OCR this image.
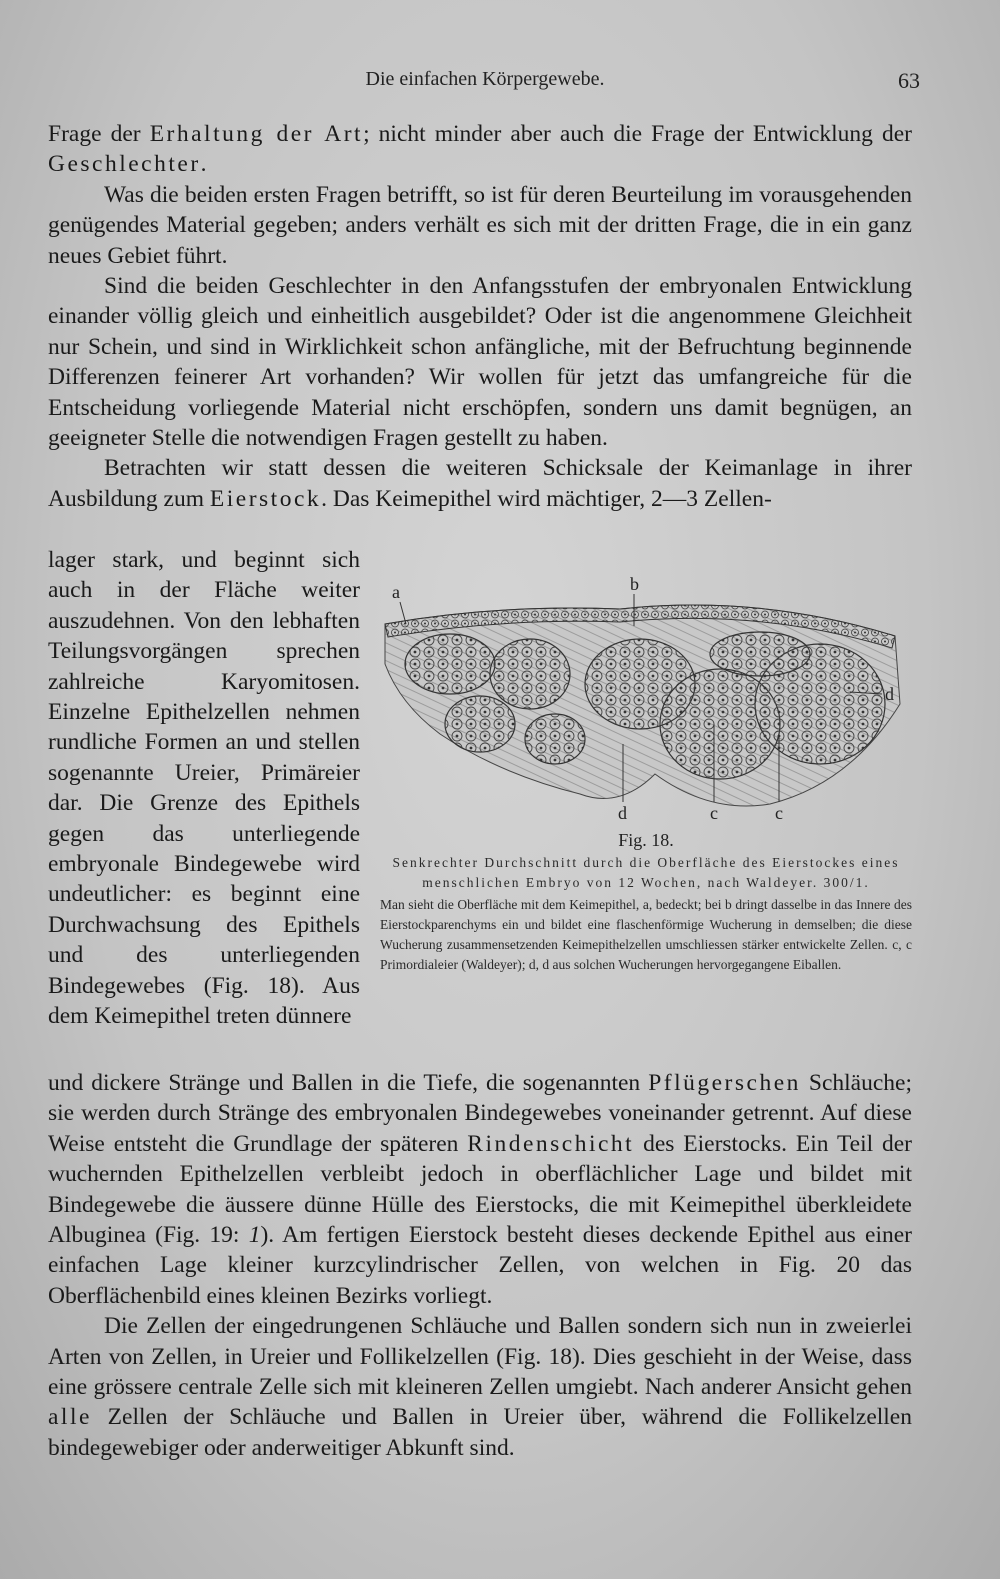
Die einfachen Körpergewebe.	63

Frage der Erhaltung der Art; nicht minder aber auch die Frage der Entwicklung der Geschlechter.

Was die beiden ersten Fragen betrifft, so ist für deren Beurteilung im vorausgehenden genügendes Material gegeben; anders verhält es sich mit der dritten Frage, die in ein ganz neues Gebiet führt.

Sind die beiden Geschlechter in den Anfangsstufen der embryonalen Entwicklung einander völlig gleich und einheitlich ausgebildet? Oder ist die angenommene Gleichheit nur Schein, und sind in Wirklichkeit schon anfängliche, mit der Befruchtung beginnende Differenzen feinerer Art vorhanden? Wir wollen für jetzt das umfangreiche für die Entscheidung vorliegende Material nicht erschöpfen, sondern uns damit begnügen, an geeigneter Stelle die notwendigen Fragen gestellt zu haben.

Betrachten wir statt dessen die weiteren Schicksale der Keimanlage in ihrer Ausbildung zum Eierstock. Das Keimepithel wird mächtiger, 2—3 Zellen-

lager stark, und beginnt sich auch in der Fläche weiter auszudehnen. Von den lebhaften Teilungsvorgängen sprechen zahlreiche Karyomitosen. Einzelne Epithelzellen nehmen rundliche Formen an und stellen sogenannte Ureier, Primäreier dar. Die Grenze des Epithels gegen das unterliegende embryonale Bindegewebe wird undeutlicher: es beginnt eine Durchwachsung des Epithels und des unterliegenden Bindegewebes (Fig. 18). Aus dem Keimepithel treten dünnere

a	b
d
d	c	c
Fig. 18.
Senkrechter Durchschnitt durch die Oberfläche des Eierstockes eines menschlichen Embryo von 12 Wochen, nach Waldeyer. 300/1.
Man sieht die Oberfläche mit dem Keimepithel, a, bedeckt; bei b dringt dasselbe in das Innere des Eierstockparenchyms ein und bildet eine flaschenförmige Wucherung in demselben; die diese Wucherung zusammensetzenden Keimepithelzellen umschliessen stärker entwickelte Zellen. c, c Primordialeier (Waldeyer); d, d aus solchen Wucherungen hervorgegangene Eiballen.

und dickere Stränge und Ballen in die Tiefe, die sogenannten Pflügerschen Schläuche; sie werden durch Stränge des embryonalen Bindegewebes voneinander getrennt. Auf diese Weise entsteht die Grundlage der späteren Rindenschicht des Eierstocks. Ein Teil der wuchernden Epithelzellen verbleibt jedoch in oberflächlicher Lage und bildet mit Bindegewebe die äussere dünne Hülle des Eierstocks, die mit Keimepithel überkleidete Albuginea (Fig. 19: 1). Am fertigen Eierstock besteht dieses deckende Epithel aus einer einfachen Lage kleiner kurzcylindrischer Zellen, von welchen in Fig. 20 das Oberflächenbild eines kleinen Bezirks vorliegt.

Die Zellen der eingedrungenen Schläuche und Ballen sondern sich nun in zweierlei Arten von Zellen, in Ureier und Follikelzellen (Fig. 18). Dies geschieht in der Weise, dass eine grössere centrale Zelle sich mit kleineren Zellen umgiebt. Nach anderer Ansicht gehen alle Zellen der Schläuche und Ballen in Ureier über, während die Follikelzellen bindegewebiger oder anderweitiger Abkunft sind.
